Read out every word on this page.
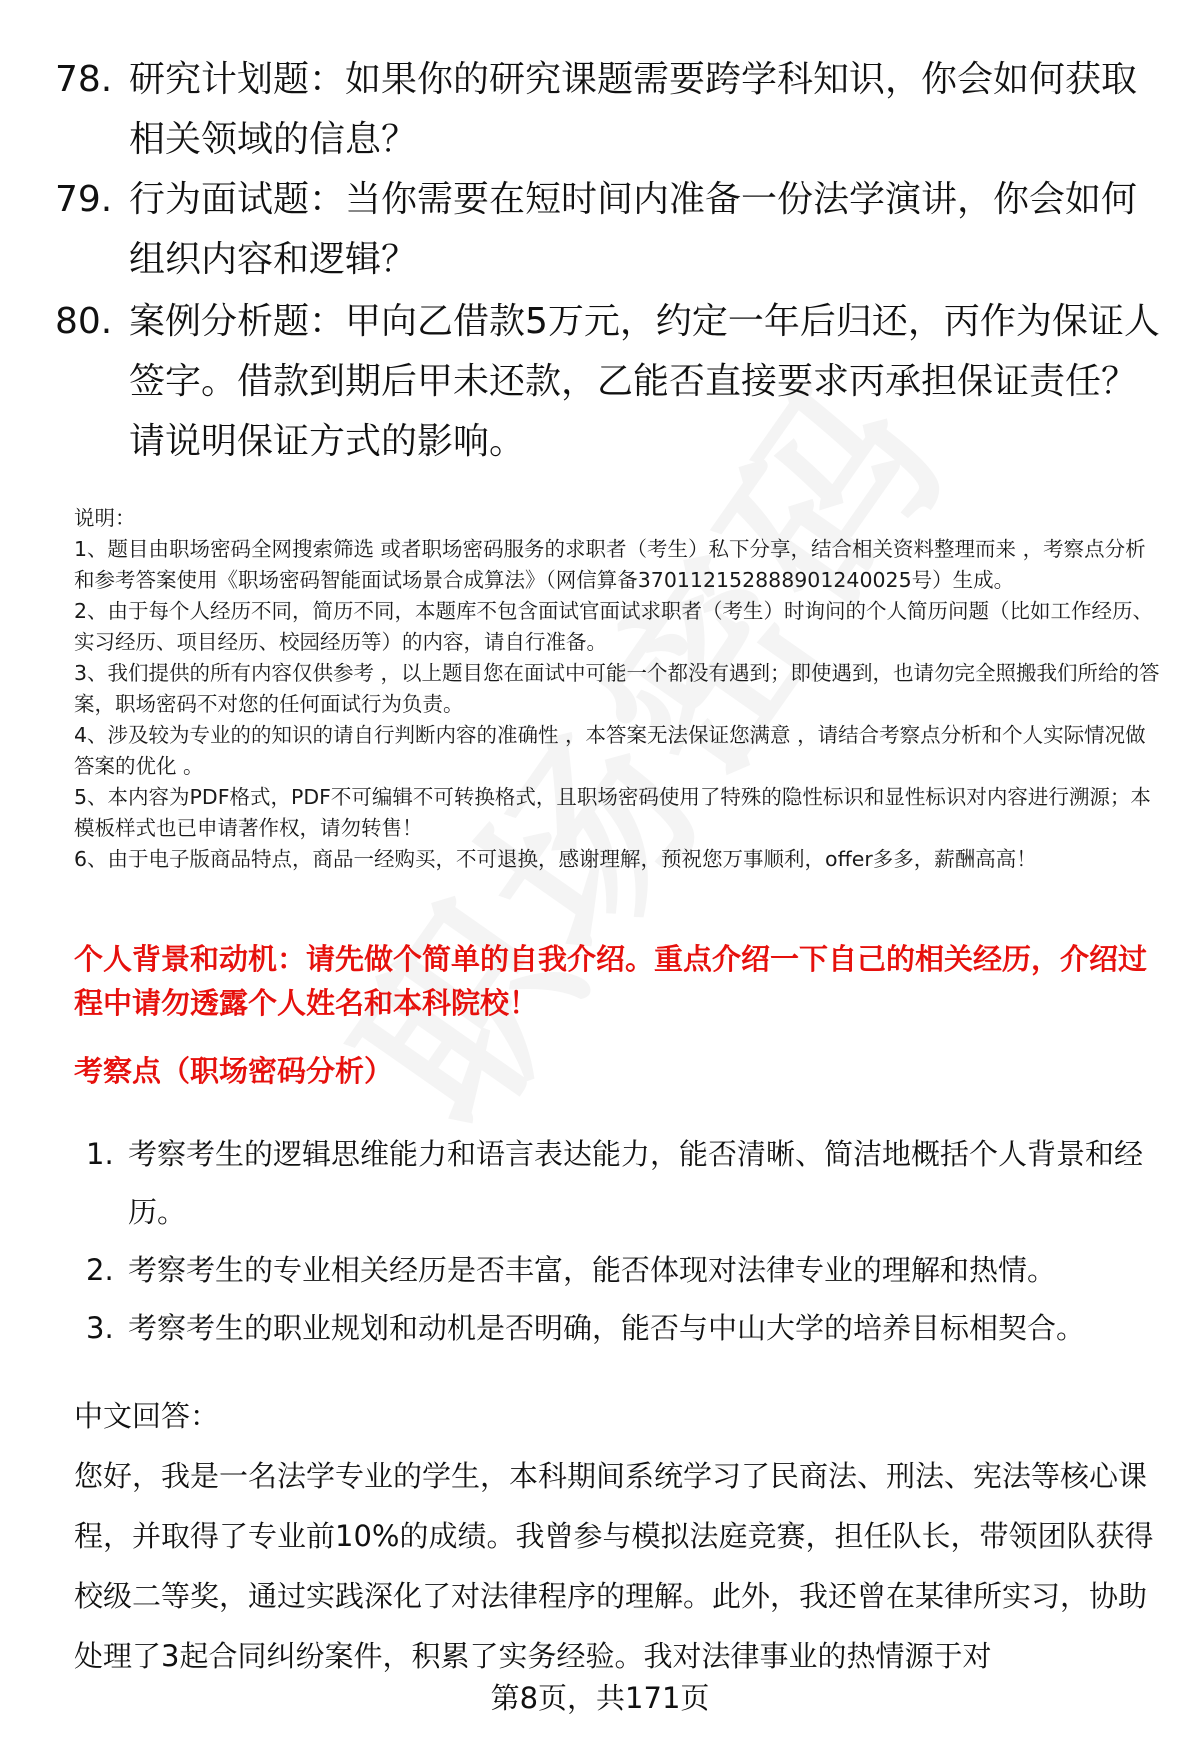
78. 研究计划题：如果你的研究课题需要跨学科知识，你会如何获取相关领域的信息？
79. 行为面试题：当你需要在短时间内准备一份法学演讲，你会如何组织内容和逻辑？
80. 案例分析题：甲向乙借款5万元，约定一年后归还，丙作为保证人签字。借款到期后甲未还款，乙能否直接要求丙承担保证责任？请说明保证方式的影响。

说明：

1、题目由职场密码全网搜索筛选 或者职场密码服务的求职者（考生）私下分享，结合相关资料整理而来 ，考察点分析和参考答案使用《职场密码智能面试场景合成算法》（网信算备370112152888901240025号）生成。

2、由于每个人经历不同，简历不同，本题库不包含面试官面试求职者（考生）时询问的个人简历问题（比如工作经历、实习经历、项目经历、校园经历等）的内容，请自行准备。

3、我们提供的所有内容仅供参考 ，以上题目您在面试中可能一个都没有遇到；即使遇到，也请勿完全照搬我们所给的答案，职场密码不对您的任何面试行为负责。

4、涉及较为专业的的知识的请自行判断内容的准确性 ，本答案无法保证您满意 ，请结合考察点分析和个人实际情况做答案的优化 。

5、本内容为PDF格式，PDF不可编辑不可转换格式，且职场密码使用了特殊的隐性标识和显性标识对内容进行溯源；本模板样式也已申请著作权，请勿转售！

6、由于电子版商品特点，商品一经购买，不可退换，感谢理解，预祝您万事顺利，offer多多，薪酬高高！

个人背景和动机：请先做个简单的自我介绍。重点介绍一下自己的相关经历，介绍过程中请勿透露个人姓名和本科院校！

考察点（职场密码分析）

1. 考察考生的逻辑思维能力和语言表达能力，能否清晰、简洁地概括个人背景和经历。
2. 考察考生的专业相关经历是否丰富，能否体现对法律专业的理解和热情。
3. 考察考生的职业规划和动机是否明确，能否与中山大学的培养目标相契合。

中文回答：

您好，我是一名法学专业的学生，本科期间系统学习了民商法、刑法、宪法等核心课程，并取得了专业前10%的成绩。我曾参与模拟法庭竞赛，担任队长，带领团队获得校级二等奖，通过实践深化了对法律程序的理解。此外，我还曾在某律所实习，协助处理了3起合同纠纷案件，积累了实务经验。我对法律事业的热情源于对

第8页，共171页
